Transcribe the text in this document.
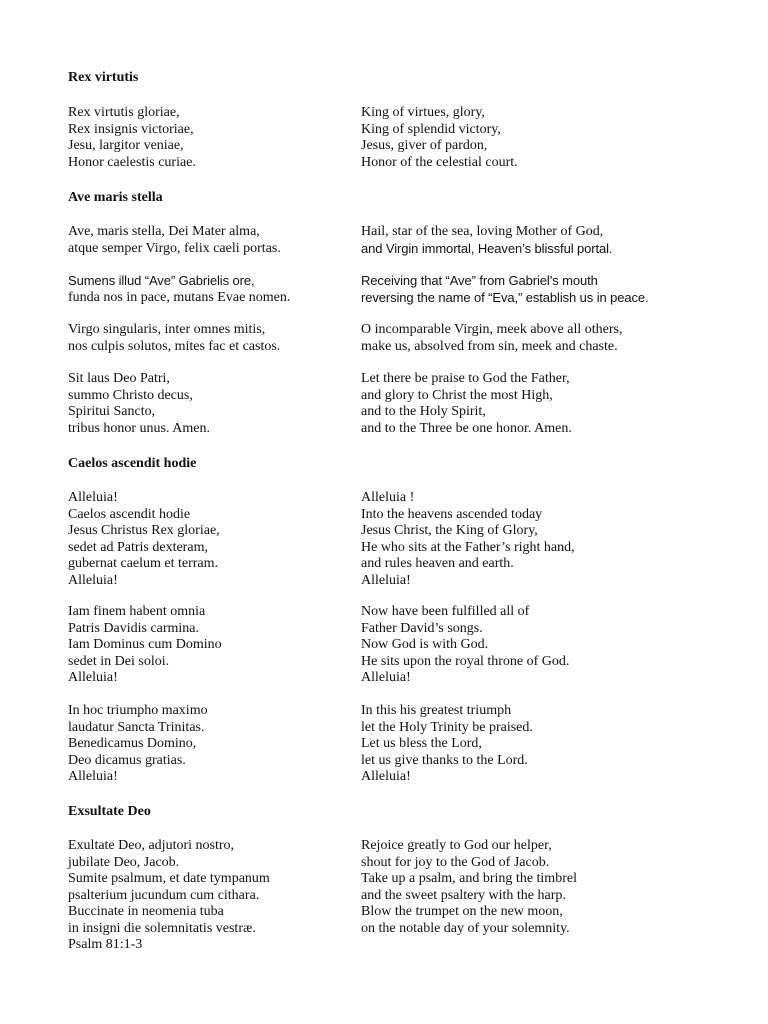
Rex virtutis
Rex virtutis gloriae,
Rex insignis victoriae,
Jesu, largitor veniae,
Honor caelestis curiae.
King of virtues, glory,
King of splendid victory,
Jesus, giver of pardon,
Honor of the celestial court.
Ave maris stella
Ave, maris stella, Dei Mater alma,
atque semper Virgo, felix caeli portas.
Hail, star of the sea, loving Mother of God,
and Virgin immortal, Heaven’s blissful portal.
Sumens illud “Ave” Gabrielis ore,
funda nos in pace, mutans Evae nomen.
Receiving that “Ave” from Gabriel’s mouth
reversing the name of “Eva,” establish us in peace.
Virgo singularis, inter omnes mitis,
nos culpis solutos, mites fac et castos.
O incomparable Virgin, meek above all others,
make us, absolved from sin, meek and chaste.
Sit laus Deo Patri,
summo Christo decus,
Spiritui Sancto,
tribus honor unus. Amen.
Let there be praise to God the Father,
and glory to Christ the most High,
and to the Holy Spirit,
and to the Three be one honor. Amen.
Caelos ascendit hodie
Alleluia!
Caelos ascendit hodie
Jesus Christus Rex gloriae,
sedet ad Patris dexteram,
gubernat caelum et terram.
Alleluia!
Alleluia !
Into the heavens ascended today
Jesus Christ, the King of Glory,
He who sits at the Father’s right hand,
and rules heaven and earth.
Alleluia!
Iam finem habent omnia
Patris Davidis carmina.
Iam Dominus cum Domino
sedet in Dei soloi.
Alleluia!
Now have been fulfilled all of
Father David’s songs.
Now God is with God.
He sits upon the royal throne of God.
Alleluia!
In hoc triumpho maximo
laudatur Sancta Trinitas.
Benedicamus Domino,
Deo dicamus gratias.
Alleluia!
In this his greatest triumph
let the Holy Trinity be praised.
Let us bless the Lord,
let us give thanks to the Lord.
Alleluia!
Exsultate Deo
Exultate Deo, adjutori nostro,
jubilate Deo, Jacob.
Sumite psalmum, et date tympanum
psalterium jucundum cum cithara.
Buccinate in neomenia tuba
in insigni die solemnitatis vestræ.
Psalm 81:1-3
Rejoice greatly to God our helper,
shout for joy to the God of Jacob.
Take up a psalm, and bring the timbrel
and the sweet psaltery with the harp.
Blow the trumpet on the new moon,
on the notable day of your solemnity.
